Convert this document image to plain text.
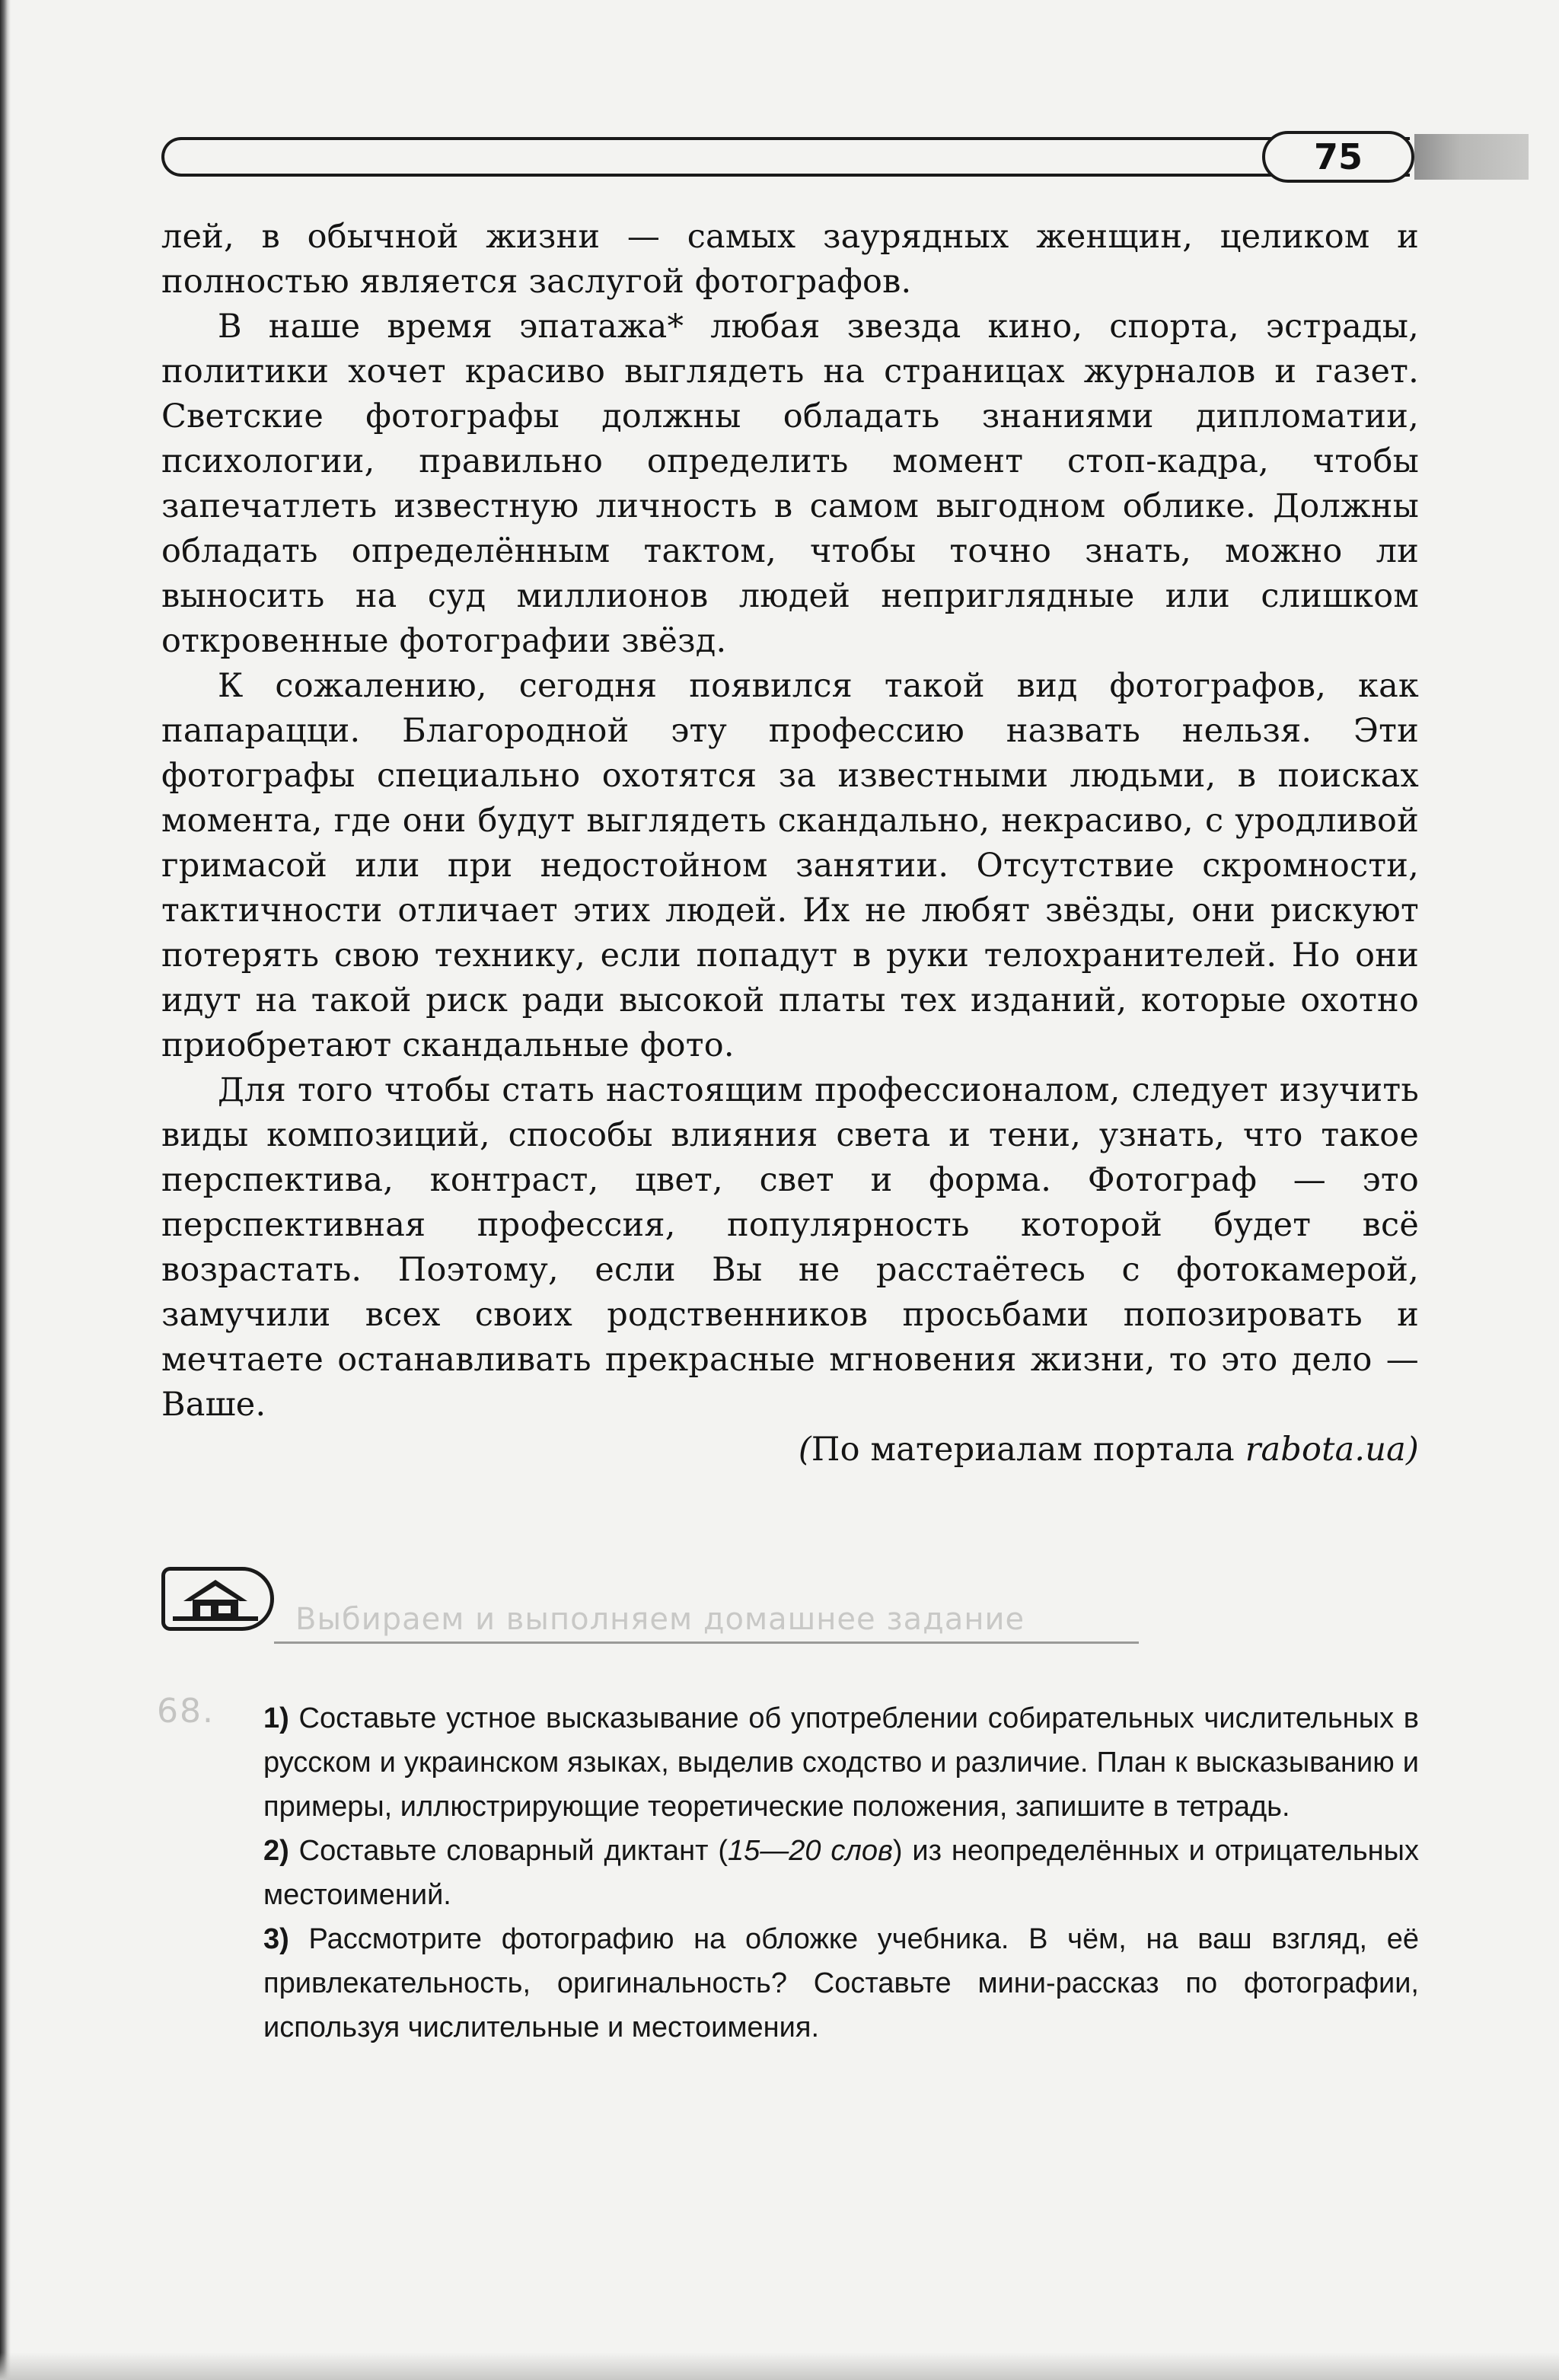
75

лей, в обычной жизни — самых заурядных женщин, целиком и полностью является заслугой фотографов.

В наше время эпатажа* любая звезда кино, спорта, эстрады, политики хочет красиво выглядеть на страницах журналов и газет. Светские фотографы должны обладать знаниями дипломатии, психологии, правильно определить момент стоп-кадра, чтобы запечатлеть известную личность в самом выгодном облике. Должны обладать определённым тактом, чтобы точно знать, можно ли выносить на суд миллионов людей неприглядные или слишком откровенные фотографии звёзд.

К сожалению, сегодня появился такой вид фотографов, как папарацци. Благородной эту профессию назвать нельзя. Эти фотографы специально охотятся за известными людьми, в поисках момента, где они будут выглядеть скандально, некрасиво, с уродливой гримасой или при недостойном занятии. Отсутствие скромности, тактичности отличает этих людей. Их не любят звёзды, они рискуют потерять свою технику, если попадут в руки телохранителей. Но они идут на такой риск ради высокой платы тех изданий, которые охотно приобретают скандальные фото.

Для того чтобы стать настоящим профессионалом, следует изучить виды композиций, способы влияния света и тени, узнать, что такое перспектива, контраст, цвет, свет и форма. Фотограф — это перспективная профессия, популярность которой будет всё возрастать. Поэтому, если Вы не расстаётесь с фотокамерой, замучили всех своих родственников просьбами попозировать и мечтаете останавливать прекрасные мгновения жизни, то это дело — Ваше.

(По материалам портала rabota.ua)

Выбираем и выполняем домашнее задание
68. 1) Составьте устное высказывание об употреблении собирательных числительных в русском и украинском языках, выделив сходство и различие. План к высказыванию и примеры, иллюстрирующие теоретические положения, запишите в тетрадь.

2) Составьте словарный диктант (15—20 слов) из неопределённых и отрицательных местоимений.

3) Рассмотрите фотографию на обложке учебника. В чём, на ваш взгляд, её привлекательность, оригинальность? Составьте мини-рассказ по фотографии, используя числительные и местоимения.
